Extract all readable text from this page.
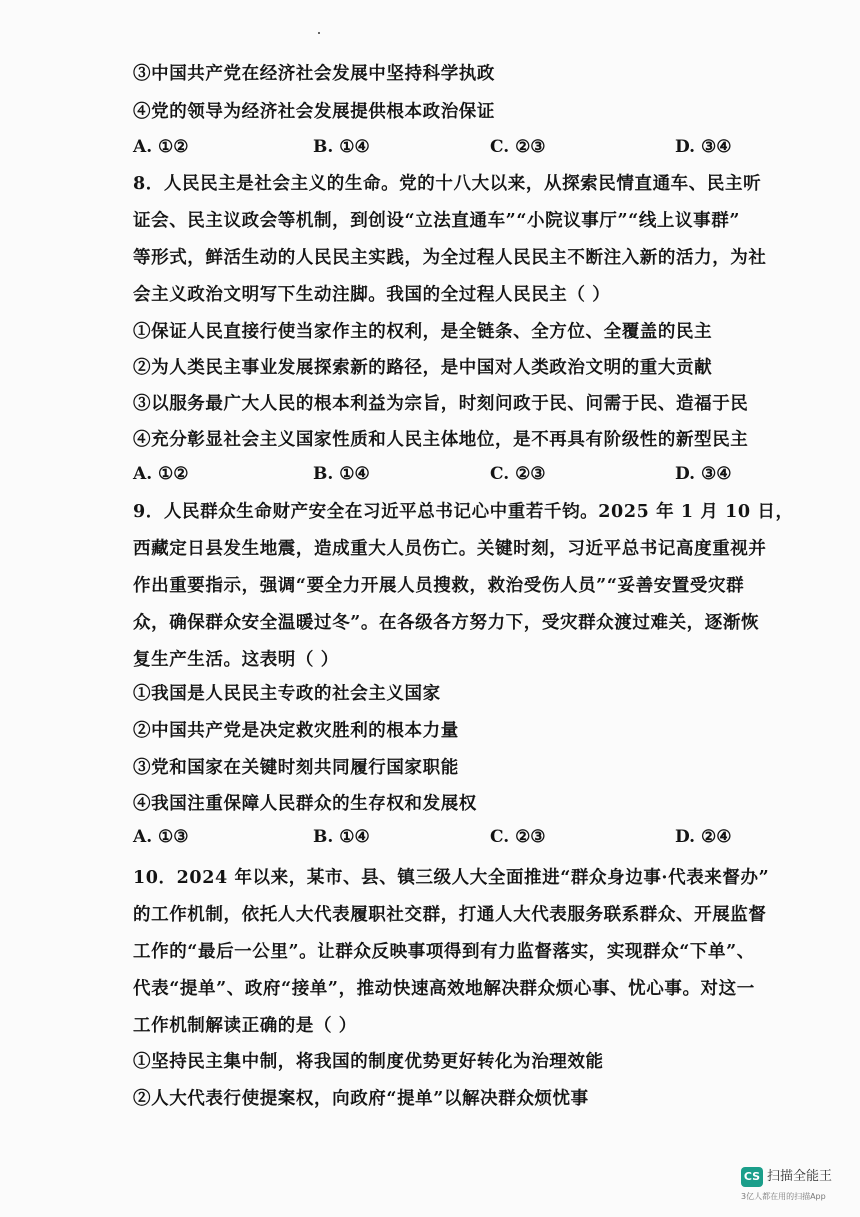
③中国共产党在经济社会发展中坚持科学执政
④党的领导为经济社会发展提供根本政治保证
A. ①②	B. ①④	C. ②③	D. ③④
8．人民民主是社会主义的生命。党的十八大以来，从探索民情直通车、民主听
证会、民主议政会等机制，到创设“立法直通车”“小院议事厅”“线上议事群”
等形式，鲜活生动的人民民主实践，为全过程人民民主不断注入新的活力，为社
会主义政治文明写下生动注脚。我国的全过程人民民主（ ）
①保证人民直接行使当家作主的权利，是全链条、全方位、全覆盖的民主
②为人类民主事业发展探索新的路径，是中国对人类政治文明的重大贡献
③以服务最广大人民的根本利益为宗旨，时刻问政于民、问需于民、造福于民
④充分彰显社会主义国家性质和人民主体地位，是不再具有阶级性的新型民主
A. ①②	B. ①④	C. ②③	D. ③④
9．人民群众生命财产安全在习近平总书记心中重若千钧。2025 年 1 月 10 日，
西藏定日县发生地震，造成重大人员伤亡。关键时刻，习近平总书记高度重视并
作出重要指示，强调“要全力开展人员搜救，救治受伤人员”“妥善安置受灾群
众，确保群众安全温暖过冬”。在各级各方努力下，受灾群众渡过难关，逐渐恢
复生产生活。这表明（ ）
①我国是人民民主专政的社会主义国家
②中国共产党是决定救灾胜利的根本力量
③党和国家在关键时刻共同履行国家职能
④我国注重保障人民群众的生存权和发展权
A. ①③	B. ①④	C. ②③	D. ②④
10．2024 年以来，某市、县、镇三级人大全面推进“群众身边事·代表来督办”
的工作机制，依托人大代表履职社交群，打通人大代表服务联系群众、开展监督
工作的“最后一公里”。让群众反映事项得到有力监督落实，实现群众“下单”、
代表“提单”、政府“接单”，推动快速高效地解决群众烦心事、忧心事。对这一
工作机制解读正确的是（ ）
①坚持民主集中制，将我国的制度优势更好转化为治理效能
②人大代表行使提案权，向政府“提单”以解决群众烦忧事
CS 扫描全能王
3亿人都在用的扫描App
